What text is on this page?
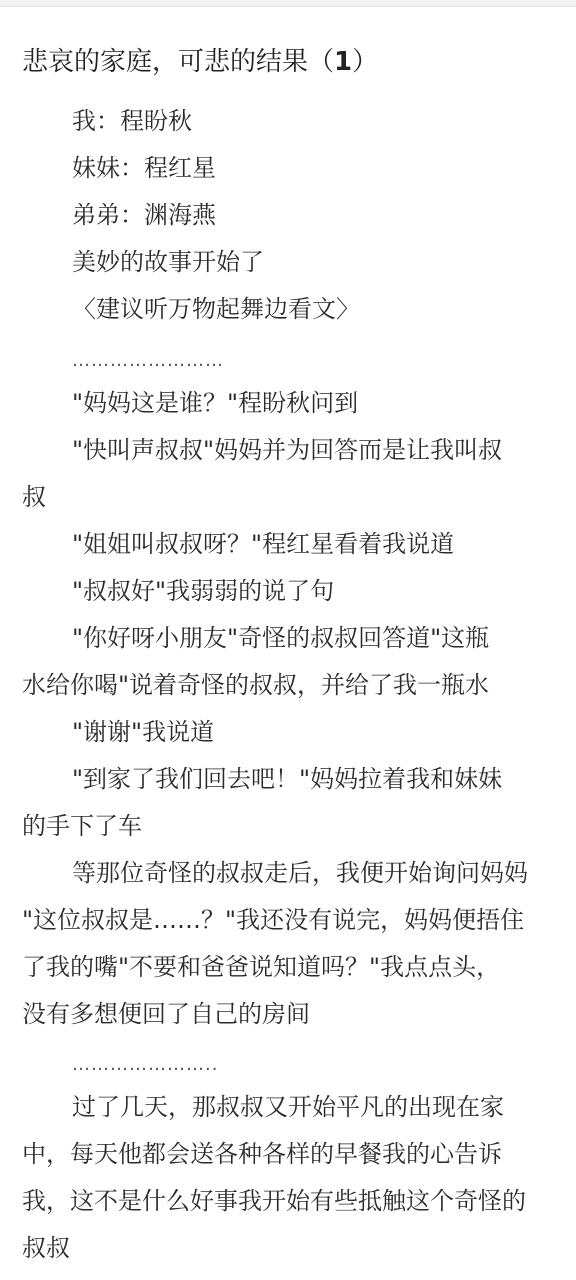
悲哀的家庭，可悲的结果（1）
我：程盼秋
妹妹：程红星
弟弟：渊海燕
美妙的故事开始了
〈建议听万物起舞边看文〉
……………………
"妈妈这是谁？"程盼秋问到
"快叫声叔叔"妈妈并为回答而是让我叫叔
叔
"姐姐叫叔叔呀？"程红星看着我说道
"叔叔好"我弱弱的说了句
"你好呀小朋友"奇怪的叔叔回答道"这瓶
水给你喝"说着奇怪的叔叔，并给了我一瓶水
"谢谢"我说道
"到家了我们回去吧！"妈妈拉着我和妹妹
的手下了车
等那位奇怪的叔叔走后，我便开始询问妈妈
"这位叔叔是……？"我还没有说完，妈妈便捂住
了我的嘴"不要和爸爸说知道吗？"我点点头，
没有多想便回了自己的房间
…………………..
过了几天，那叔叔又开始平凡的出现在家
中，每天他都会送各种各样的早餐我的心告诉
我，这不是什么好事我开始有些抵触这个奇怪的
叔叔
